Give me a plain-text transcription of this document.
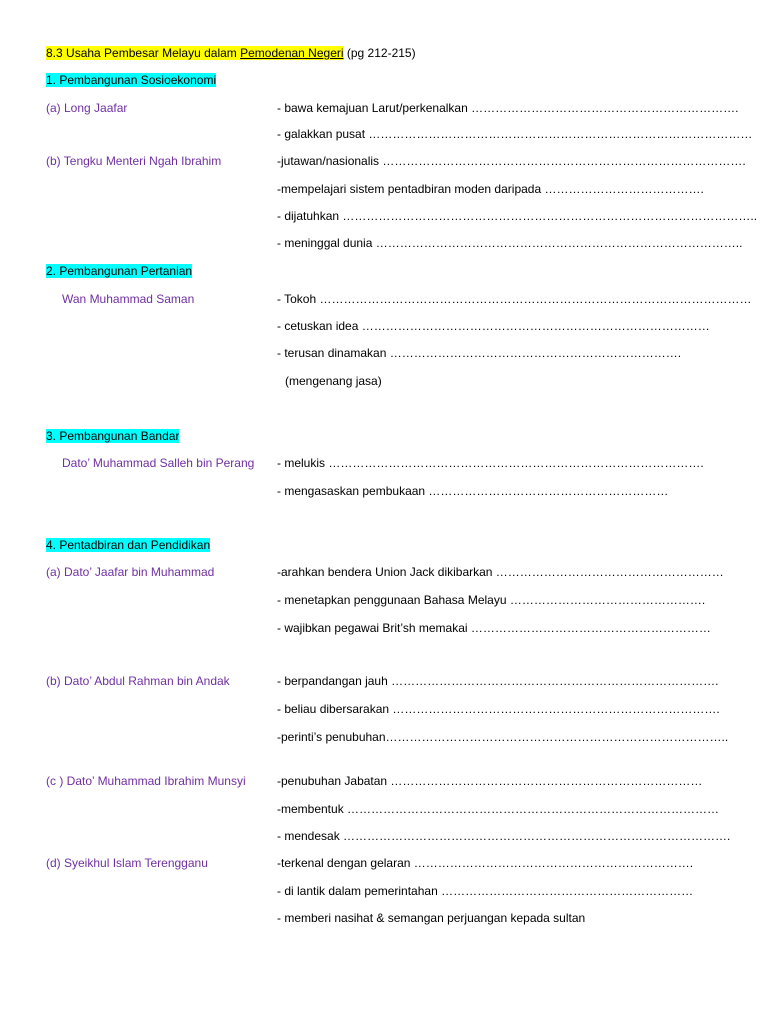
8.3 Usaha Pembesar Melayu dalam Pemodenan Negeri (pg 212-215)
1. Pembangunan Sosioekonomi
(a) Long Jaafar	- bawa kemajuan Larut/perkenalkan ………………………………………………………….
- galakkan pusat ……………………………………………………………………………………
(b) Tengku Menteri Ngah Ibrahim	-jutawan/nasionalis ……………………………………………………………………………….
-mempelajari sistem pentadbiran moden daripada ………………………………….
- dijatuhkan …………………………………………………………………………………………..
- meninggal dunia ………………………………………………………………………………..
2. Pembangunan Pertanian
Wan Muhammad Saman	- Tokoh ………………………………………………………………………………………………
- cetuskan idea ……………………………………………………………………………
- terusan dinamakan ……………………………………………………………….
(mengenang jasa)
3. Pembangunan Bandar
Dato’ Muhammad Salleh bin Perang - melukis ………………………………………………………………………………….
- mengasaskan pembukaan ……………………………………………………
4. Pentadbiran dan Pendidikan
(a) Dato’ Jaafar bin Muhammad	-arahkan bendera Union Jack dikibarkan …………………………………………………
- menetapkan penggunaan Bahasa Melayu ………………………………………….
- wajibkan pegawai Brit’sh memakai ……………………………………………………
(b) Dato’ Abdul Rahman bin Andak	- berpandangan jauh ……………………………………………………………………….
- beliau dibersarakan ……………………………………………………………………….
-perinti’s penubuhan…………………………………………………………………………..
(c ) Dato’ Muhammad Ibrahim Munsyi	-penubuhan Jabatan ……………………………………………………………………
-membentuk …………………………………………………………………………………
- mendesak …………………………………………………………………………………….
(d) Syeikhul Islam Terengganu	-terkenal dengan gelaran …………………………………………………………….
- di lantik dalam pemerintahan ………………………………………………………
- memberi nasihat & semangan perjuangan kepada sultan
